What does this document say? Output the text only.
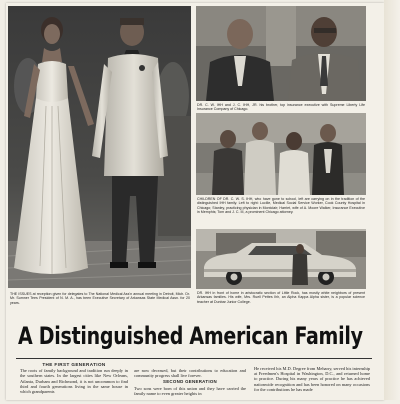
THE ISSUES at reception given for delegates to The National Medical Ass'n annual meeting in Detroit, Mich. Dr. Mr. Sumner Tees President of N. M. A., has been Executive Secretary of Arkansas State Medical Assn. for 20 years.
DR. C. W. IHH and J. C. IHH, JR. his brother, top insurance executive with Supreme Liberty Life Insurance Company of Chicago.
CHILDREN OF DR. C. W. S. IHH, who have gone to school, left are carrying on in the tradition of the distinguished IHH family. Left to right: Lucille, Medical Social Service Worker, Cook County Hospital in Chicago; Stanley, practicing physician in Montclair; Harriet, wife of A. Moore Walker, Insurance Executive in Memphis; Tom and J. C. III, a prominent Chicago attorney.
DR. IHH in front of home in aristocratic section of Little Rock, has mostly white neighbors of present Arkansas families. His wife, Mrs. Ruell Pettes Ihh, an Alpha Kappa Alpha sister, is a popular science teacher at Dunbar Junior College.
A Distinguished American Family
THE FIRST GENERATION

The roots of family background and tradition run deeply in the southern states. In the largest cities like New Orleans, Atlanta, Durham and Richmond, it is not uncommon to find third and fourth generations living in the same house in which grandparents

are now deceased, but their contributions to education and community progress shall live forever.

SECOND GENERATION

Two sons were born of this union and they have carried the family name to even greater heights in

He received his M.D. Degree from Meharry, served his internship at Freedmen's Hospital in Washington, D.C., and returned home to practice. During his many years of practice he has achieved nationwide recognition and has been honored on many occasions for the contributions he has made
